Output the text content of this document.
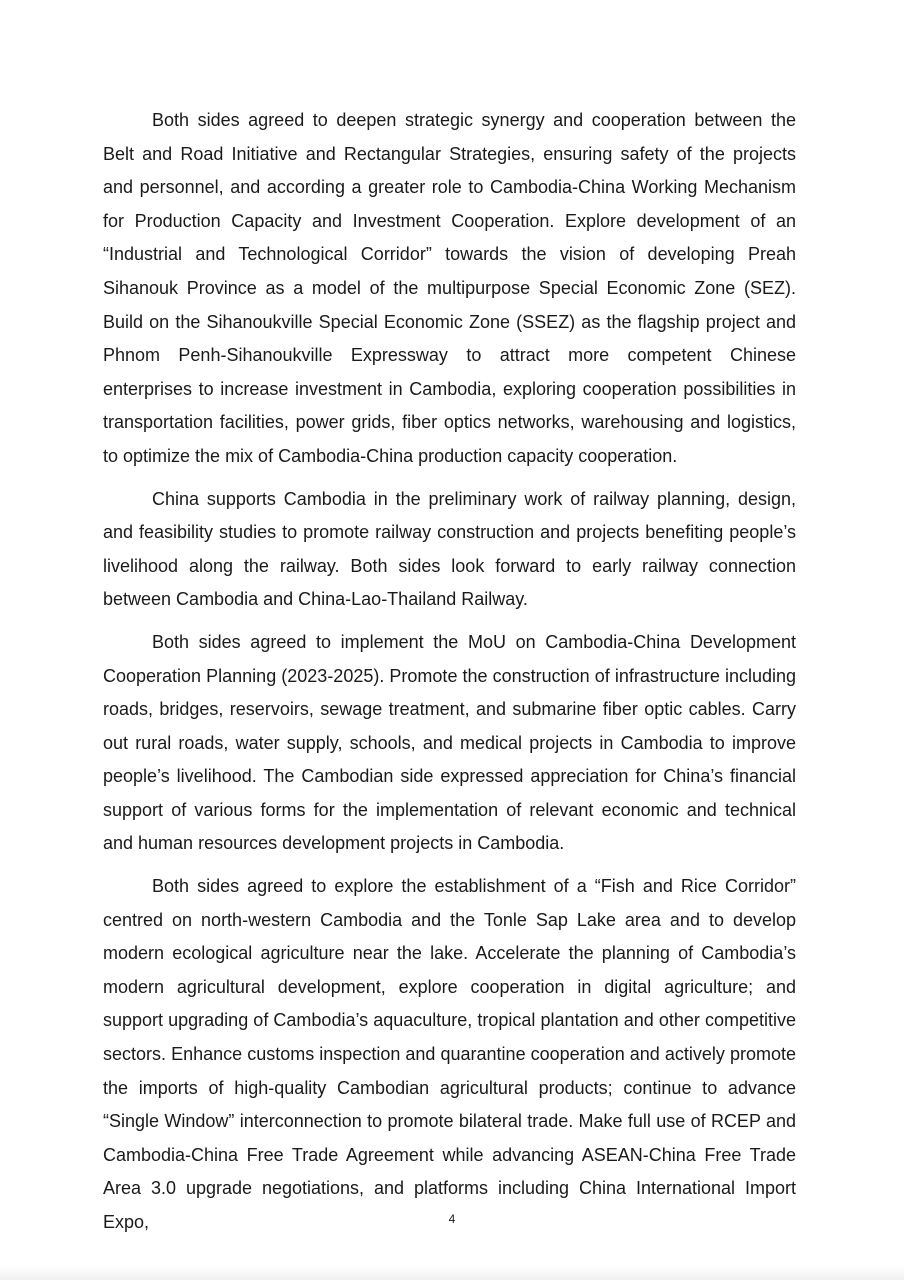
Both sides agreed to deepen strategic synergy and cooperation between the Belt and Road Initiative and Rectangular Strategies, ensuring safety of the projects and personnel, and according a greater role to Cambodia-China Working Mechanism for Production Capacity and Investment Cooperation. Explore development of an “Industrial and Technological Corridor” towards the vision of developing Preah Sihanouk Province as a model of the multipurpose Special Economic Zone (SEZ). Build on the Sihanoukville Special Economic Zone (SSEZ) as the flagship project and Phnom Penh-Sihanoukville Expressway to attract more competent Chinese enterprises to increase investment in Cambodia, exploring cooperation possibilities in transportation facilities, power grids, fiber optics networks, warehousing and logistics, to optimize the mix of Cambodia-China production capacity cooperation.

China supports Cambodia in the preliminary work of railway planning, design, and feasibility studies to promote railway construction and projects benefiting people’s livelihood along the railway. Both sides look forward to early railway connection between Cambodia and China-Lao-Thailand Railway.

Both sides agreed to implement the MoU on Cambodia-China Development Cooperation Planning (2023-2025). Promote the construction of infrastructure including roads, bridges, reservoirs, sewage treatment, and submarine fiber optic cables. Carry out rural roads, water supply, schools, and medical projects in Cambodia to improve people’s livelihood. The Cambodian side expressed appreciation for China’s financial support of various forms for the implementation of relevant economic and technical and human resources development projects in Cambodia.

Both sides agreed to explore the establishment of a “Fish and Rice Corridor” centred on north-western Cambodia and the Tonle Sap Lake area and to develop modern ecological agriculture near the lake. Accelerate the planning of Cambodia’s modern agricultural development, explore cooperation in digital agriculture; and support upgrading of Cambodia’s aquaculture, tropical plantation and other competitive sectors. Enhance customs inspection and quarantine cooperation and actively promote the imports of high-quality Cambodian agricultural products; continue to advance “Single Window” interconnection to promote bilateral trade. Make full use of RCEP and Cambodia-China Free Trade Agreement while advancing ASEAN-China Free Trade Area 3.0 upgrade negotiations, and platforms including China International Import Expo,	4
